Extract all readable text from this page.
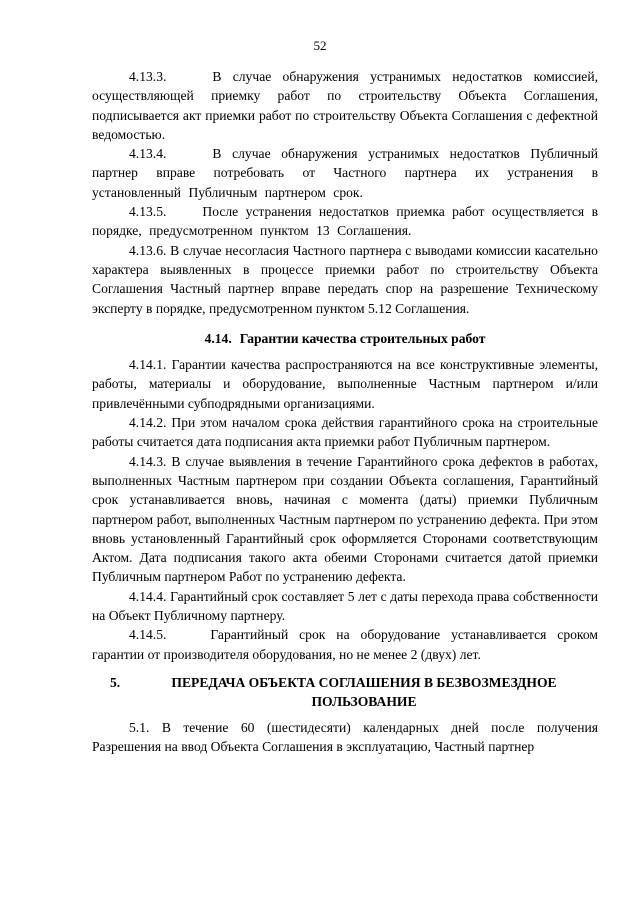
52

4.13.3.	В случае обнаружения устранимых недостатков комиссией, осуществляющей приемку работ по строительству Объекта Соглашения, подписывается акт приемки работ по строительству Объекта Соглашения с дефектной ведомостью.

4.13.4.	В случае обнаружения устранимых недостатков Публичный партнер вправе потребовать от Частного партнера их устранения в установленный Публичным партнером срок.

4.13.5.	После устранения недостатков приемка работ осуществляется в порядке, предусмотренном пунктом 13 Соглашения.

4.13.6. В случае несогласия Частного партнера с выводами комиссии касательно характера выявленных в процессе приемки работ по строительству Объекта Соглашения Частный партнер вправе передать спор на разрешение Техническому эксперту в порядке, предусмотренном пунктом 5.12 Соглашения.

4.14. Гарантии качества строительных работ

4.14.1. Гарантии качества распространяются на все конструктивные элементы, работы, материалы и оборудование, выполненные Частным партнером и/или привлечёнными субподрядными организациями.

4.14.2. При этом началом срока действия гарантийного срока на строительные работы считается дата подписания акта приемки работ Публичным партнером.

4.14.3. В случае выявления в течение Гарантийного срока дефектов в работах, выполненных Частным партнером при создании Объекта соглашения, Гарантийный срок устанавливается вновь, начиная с момента (даты) приемки Публичным партнером работ, выполненных Частным партнером по устранению дефекта. При этом вновь установленный Гарантийный срок оформляется Сторонами соответствующим Актом. Дата подписания такого акта обеими Сторонами считается датой приемки Публичным партнером Работ по устранению дефекта.

4.14.4. Гарантийный срок составляет 5 лет с даты перехода права собственности на Объект Публичному партнеру.

4.14.5.	Гарантийный срок на оборудование устанавливается сроком гарантии от производителя оборудования, но не менее 2 (двух) лет.

5.	ПЕРЕДАЧА ОБЪЕКТА СОГЛАШЕНИЯ В БЕЗВОЗМЕЗДНОЕ
ПОЛЬЗОВАНИЕ

5.1. В течение 60 (шестидесяти) календарных дней после получения Разрешения на ввод Объекта Соглашения в эксплуатацию, Частный партнер
